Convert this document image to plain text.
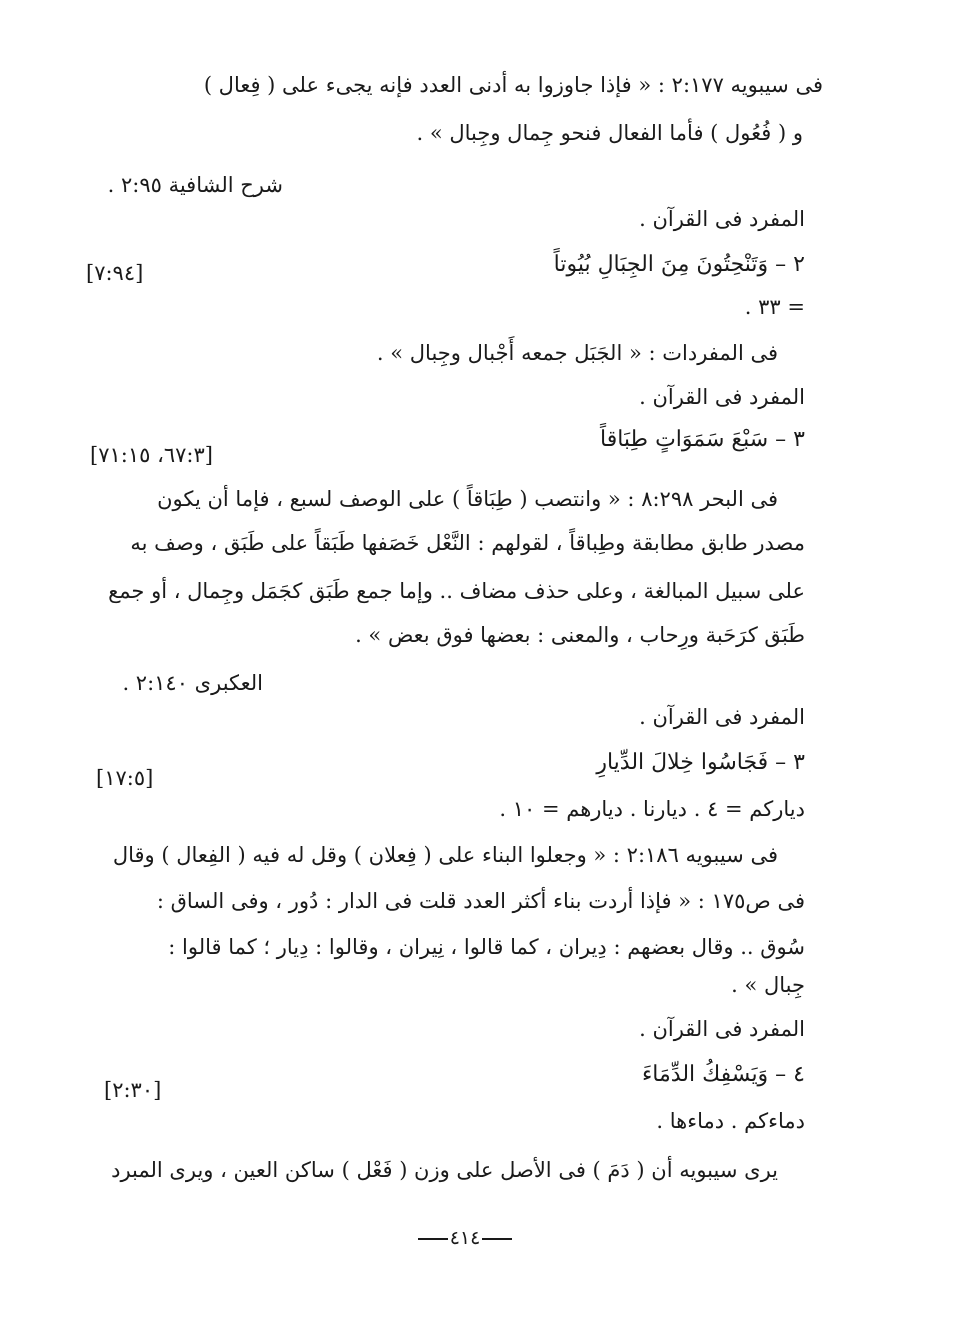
فى سيبويه ٢:١٧٧ : « فإذا جاوزوا به أدنى العدد فإنه يجىء على ( فِعال )
و ( فُعُول ) فأما الفعال فنحو جِمال وجِبال » .
شرح الشافية ٢:٩٥ .
المفرد فى القرآن .
٢ – وَتَنْحِتُونَ مِنَ الجِبَالِ بُيُوتاً
[٧:٩٤]
= ٣٣ .
فى المفردات : « الجَبَل جمعه أَجْبال وجِبال » .
المفرد فى القرآن .
٣ – سَبْعَ سَمَوَاتٍ طِبَاقاً
[٦٧:٣، ٧١:١٥]
فى البحر ٨:٢٩٨ : « وانتصب ( طِبَاقاً ) على الوصف لسبع ، فإما أن يكون
مصدر طابق مطابقة وطِباقاً ، لقولهم : النَّعْل خَصَفها طَبَقاً على طَبَق ، وصف به
على سبيل المبالغة ، وعلى حذف مضاف .. وإما جمع طَبَق كجَمَل وجِمال ، أو جمع
طَبَق كرَحَبة ورِحاب ، والمعنى : بعضها فوق بعض » .
العكبرى ٢:١٤٠ .
المفرد فى القرآن .
٣ – فَجَاسُوا خِلالَ الدِّيارِ
[١٧:٥]
دياركم = ٤ . ديارنا . ديارهم = ١٠ .
فى سيبويه ٢:١٨٦ : « وجعلوا البناء على ( فِعلان ) وقل له فيه ( الفِعال ) وقال
فى ص١٧٥ : « فإذا أردت بناء أكثر العدد قلت فى الدار : دُور ، وفى الساق :
سُوق .. وقال بعضهم : دِيران ، كما قالوا ، نِيران ، وقالوا : دِيار ؛ كما قالوا :
جِبال » .
المفرد فى القرآن .
٤ – وَيَسْفِكُ الدِّمَاءَ
[٢:٣٠]
دماءكم . دماءها .
يرى سيبويه أن ( دَمَ ) فى الأصل على وزن ( فَعْل ) ساكن العين ، ويرى المبرد
٤١٤
